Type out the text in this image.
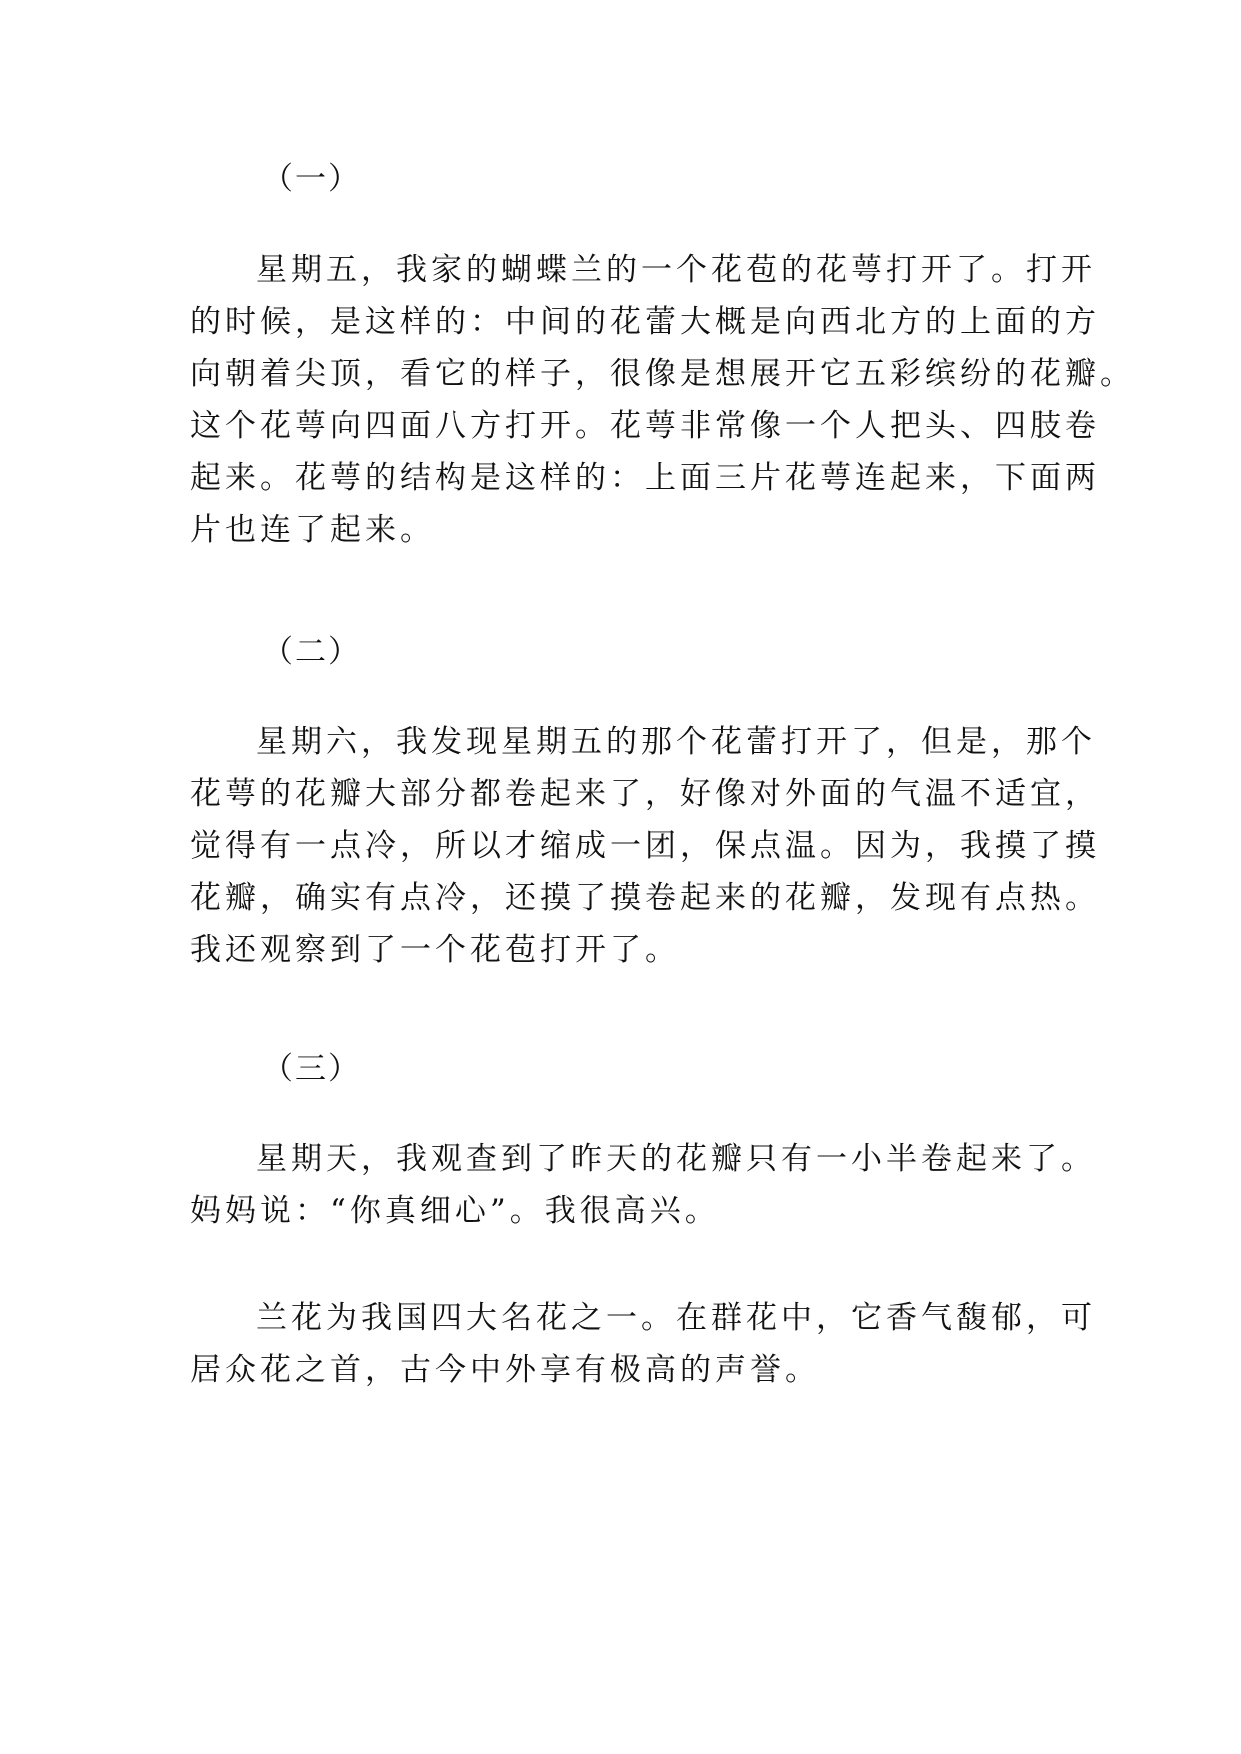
（一）
星期五，我家的蝴蝶兰的一个花苞的花萼打开了。打开
的时候，是这样的：中间的花蕾大概是向西北方的上面的方
向朝着尖顶，看它的样子，很像是想展开它五彩缤纷的花瓣。
这个花萼向四面八方打开。花萼非常像一个人把头、四肢卷
起来。花萼的结构是这样的：上面三片花萼连起来，下面两
片也连了起来。
（二）
星期六，我发现星期五的那个花蕾打开了，但是，那个
花萼的花瓣大部分都卷起来了，好像对外面的气温不适宜，
觉得有一点冷，所以才缩成一团，保点温。因为，我摸了摸
花瓣，确实有点冷，还摸了摸卷起来的花瓣，发现有点热。
我还观察到了一个花苞打开了。
（三）
星期天，我观查到了昨天的花瓣只有一小半卷起来了。
妈妈说：“你真细心”。我很高兴。
兰花为我国四大名花之一。在群花中，它香气馥郁，可
居众花之首，古今中外享有极高的声誉。
